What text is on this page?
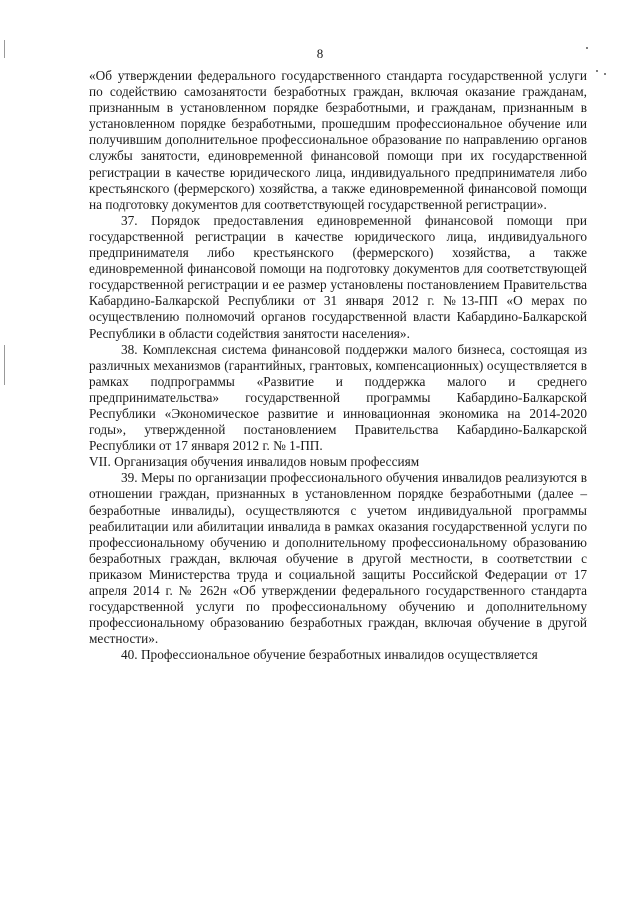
8

«Об утверждении федерального государственного стандарта государственной услуги по содействию самозанятости безработных граждан, включая оказание гражданам, признанным в установленном порядке безработными, и гражданам, признанным в установленном порядке безработными, прошедшим профессиональное обучение или получившим дополнительное профессиональное образование по направлению органов службы занятости, единовременной финансовой помощи при их государственной регистрации в качестве юридического лица, индивидуального предпринимателя либо крестьянского (фермерского) хозяйства, а также единовременной финансовой помощи на подготовку документов для соответствующей государственной регистрации».

37. Порядок предоставления единовременной финансовой помощи при государственной регистрации в качестве юридического лица, индивидуального предпринимателя либо крестьянского (фермерского) хозяйства, а также единовременной финансовой помощи на подготовку документов для соответствующей государственной регистрации и ее размер установлены постановлением Правительства Кабардино-Балкарской Республики от 31 января 2012 г. №13-ПП «О мерах по осуществлению полномочий органов государственной власти Кабардино-Балкарской Республики в области содействия занятости населения».

38. Комплексная система финансовой поддержки малого бизнеса, состоящая из различных механизмов (гарантийных, грантовых, компенсационных) осуществляется в рамках подпрограммы «Развитие и поддержка малого и среднего предпринимательства» государственной программы Кабардино-Балкарской Республики «Экономическое развитие и инновационная экономика на 2014-2020 годы», утвержденной постановлением Правительства Кабардино-Балкарской Республики от 17 января 2012 г. № 1-ПП.

VII. Организация обучения инвалидов новым профессиям

39. Меры по организации профессионального обучения инвалидов реализуются в отношении граждан, признанных в установленном порядке безработными (далее – безработные инвалиды), осуществляются с учетом индивидуальной программы реабилитации или абилитации инвалида в рамках оказания государственной услуги по профессиональному обучению и дополнительному профессиональному образованию безработных граждан, включая обучение в другой местности, в соответствии с приказом Министерства труда и социальной защиты Российской Федерации от 17 апреля 2014 г. № 262н «Об утверждении федерального государственного стандарта государственной услуги по профессиональному обучению и дополнительному профессиональному образованию безработных граждан, включая обучение в другой местности».

40. Профессиональное обучение безработных инвалидов осуществляется
